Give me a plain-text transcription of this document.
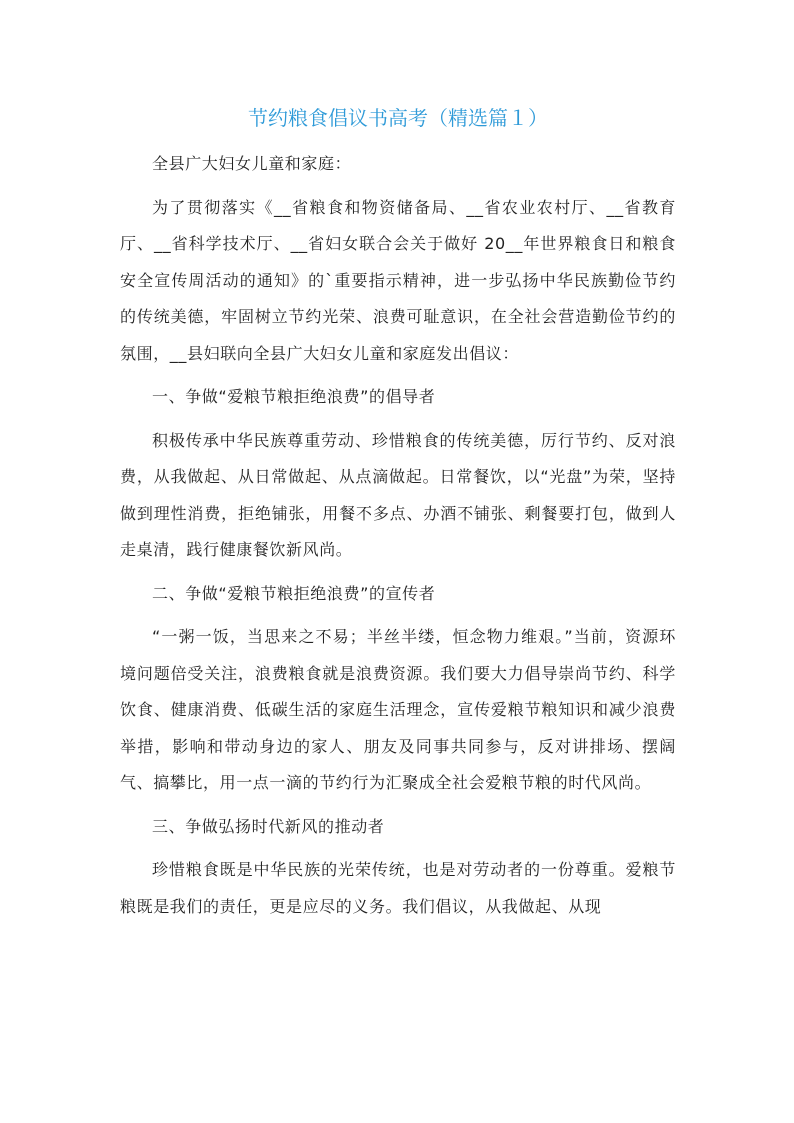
节约粮食倡议书高考（精选篇１）

全县广大妇女儿童和家庭：

为了贯彻落实《__省粮食和物资储备局、__省农业农村厅、__省教育厅、__省科学技术厅、__省妇女联合会关于做好 20__年世界粮食日和粮食安全宣传周活动的通知》的`重要指示精神，进一步弘扬中华民族勤俭节约的传统美德，牢固树立节约光荣、浪费可耻意识，在全社会营造勤俭节约的氛围，__县妇联向全县广大妇女儿童和家庭发出倡议：

一、争做“爱粮节粮拒绝浪费”的倡导者

积极传承中华民族尊重劳动、珍惜粮食的传统美德，厉行节约、反对浪费，从我做起、从日常做起、从点滴做起。日常餐饮，以“光盘”为荣，坚持做到理性消费，拒绝铺张，用餐不多点、办酒不铺张、剩餐要打包，做到人走桌清，践行健康餐饮新风尚。

二、争做“爱粮节粮拒绝浪费”的宣传者

“一粥一饭，当思来之不易；半丝半缕，恒念物力维艰。”当前，资源环境问题倍受关注，浪费粮食就是浪费资源。我们要大力倡导崇尚节约、科学饮食、健康消费、低碳生活的家庭生活理念，宣传爱粮节粮知识和减少浪费举措，影响和带动身边的家人、朋友及同事共同参与，反对讲排场、摆阔气、搞攀比，用一点一滴的节约行为汇聚成全社会爱粮节粮的时代风尚。

三、争做弘扬时代新风的推动者

珍惜粮食既是中华民族的光荣传统，也是对劳动者的一份尊重。爱粮节粮既是我们的责任，更是应尽的义务。我们倡议，从我做起、从现
